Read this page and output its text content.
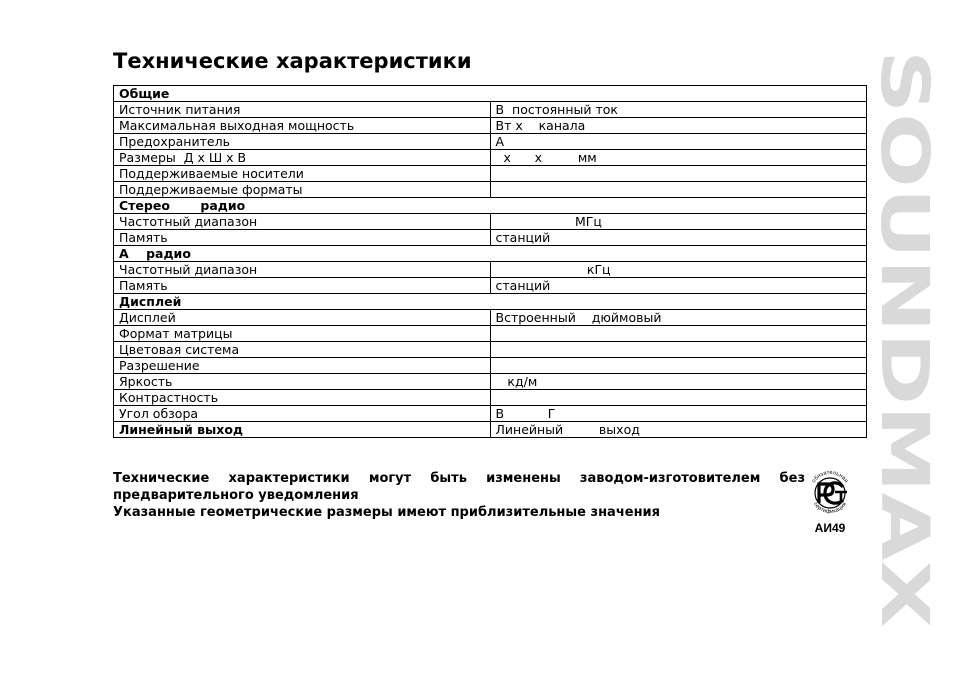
Технические характеристики
Общие	
Источник питания	В  постоянный ток
Максимальная выходная мощность	Вт х    канала
Предохранитель	А
Размеры  Д х Ш х В	х      х         мм
Поддерживаемые носители	
Поддерживаемые форматы	
Стерео       радио	
Частотный диапазон	МГц
Память	станций
А    радио	
Частотный диапазон	кГц
Память	станций
Дисплей	
Дисплей	Встроенный    дюймовый
Формат матрицы	
Цветовая система	
Разрешение	
Яркость	кд/м
Контрастность	
Угол обзора	В           Г
Линейный выход	Линейный         выход
Технические характеристики могут быть изменены заводом-изготовителем без предварительного уведомления
Указанные геометрические размеры имеют приблизительные значения
обязательная
сертификация
АИ49
SOUNDMAX
